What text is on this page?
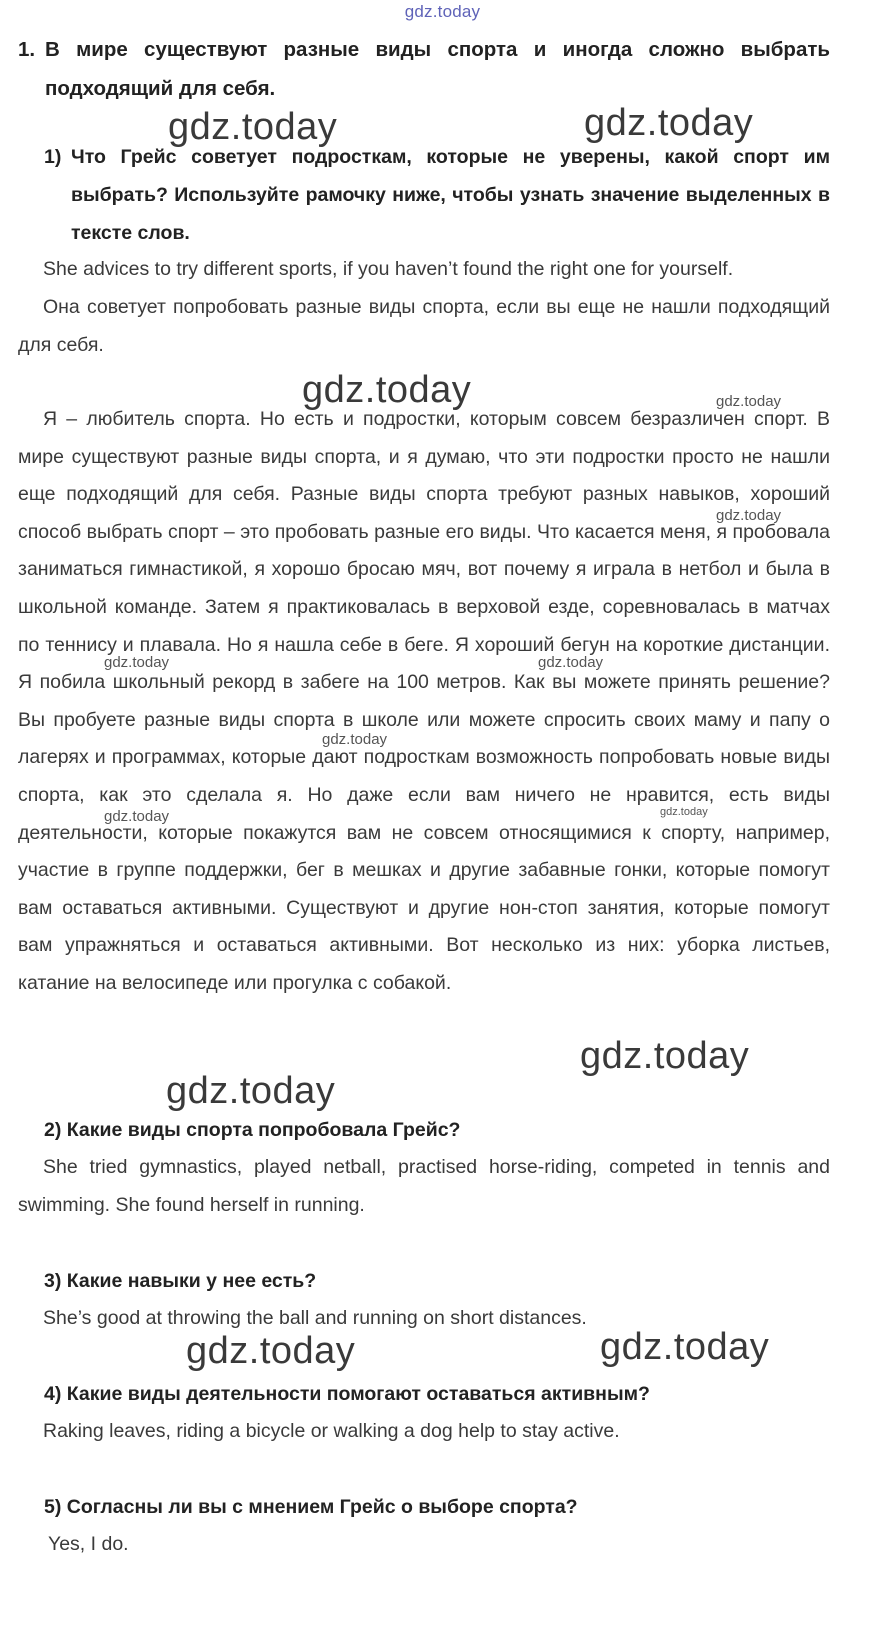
gdz.today
1. В мире существуют разные виды спорта и иногда сложно выбрать подходящий для себя.
1) Что Грейс советует подросткам, которые не уверены, какой спорт им выбрать? Используйте рамочку ниже, чтобы узнать значение выделенных в тексте слов.
She advices to try different sports, if you haven’t found the right one for yourself.
Она советует попробовать разные виды спорта, если вы еще не нашли подходящий для себя.
Я – любитель спорта. Но есть и подростки, которым совсем безразличен спорт. В мире существуют разные виды спорта, и я думаю, что эти подростки просто не нашли еще подходящий для себя. Разные виды спорта требуют разных навыков, хороший способ выбрать спорт – это пробовать разные его виды. Что касается меня, я пробовала заниматься гимнастикой, я хорошо бросаю мяч, вот почему я играла в нетбол и была в школьной команде. Затем я практиковалась в верховой езде, соревновалась в матчах по теннису и плавала. Но я нашла себе в беге. Я хороший бегун на короткие дистанции. Я побила школьный рекорд в забеге на 100 метров. Как вы можете принять решение? Вы пробуете разные виды спорта в школе или можете спросить своих маму и папу о лагерях и программах, которые дают подросткам возможность попробовать новые виды спорта, как это сделала я. Но даже если вам ничего не нравится, есть виды деятельности, которые покажутся вам не совсем относящимися к спорту, например, участие в группе поддержки, бег в мешках и другие забавные гонки, которые помогут вам оставаться активными. Существуют и другие нон-стоп занятия, которые помогут вам упражняться и оставаться активными. Вот несколько из них: уборка листьев, катание на велосипеде или прогулка с собакой.
2) Какие виды спорта попробовала Грейс?
She tried gymnastics, played netball, practised horse-riding, competed in tennis and swimming. She found herself in running.
3) Какие навыки у нее есть?
She’s good at throwing the ball and running on short distances.
4) Какие виды деятельности помогают оставаться активным?
Raking leaves, riding a bicycle or walking a dog help to stay active.
5) Согласны ли вы с мнением Грейс о выборе спорта?
Yes, I do.
gdz.today	gdz.today
gdz.today	gdz.today
gdz.today
gdz.today	gdz.today
gdz.today
gdz.today	gdz.today
gdz.today
gdz.today
gdz.today	gdz.today
